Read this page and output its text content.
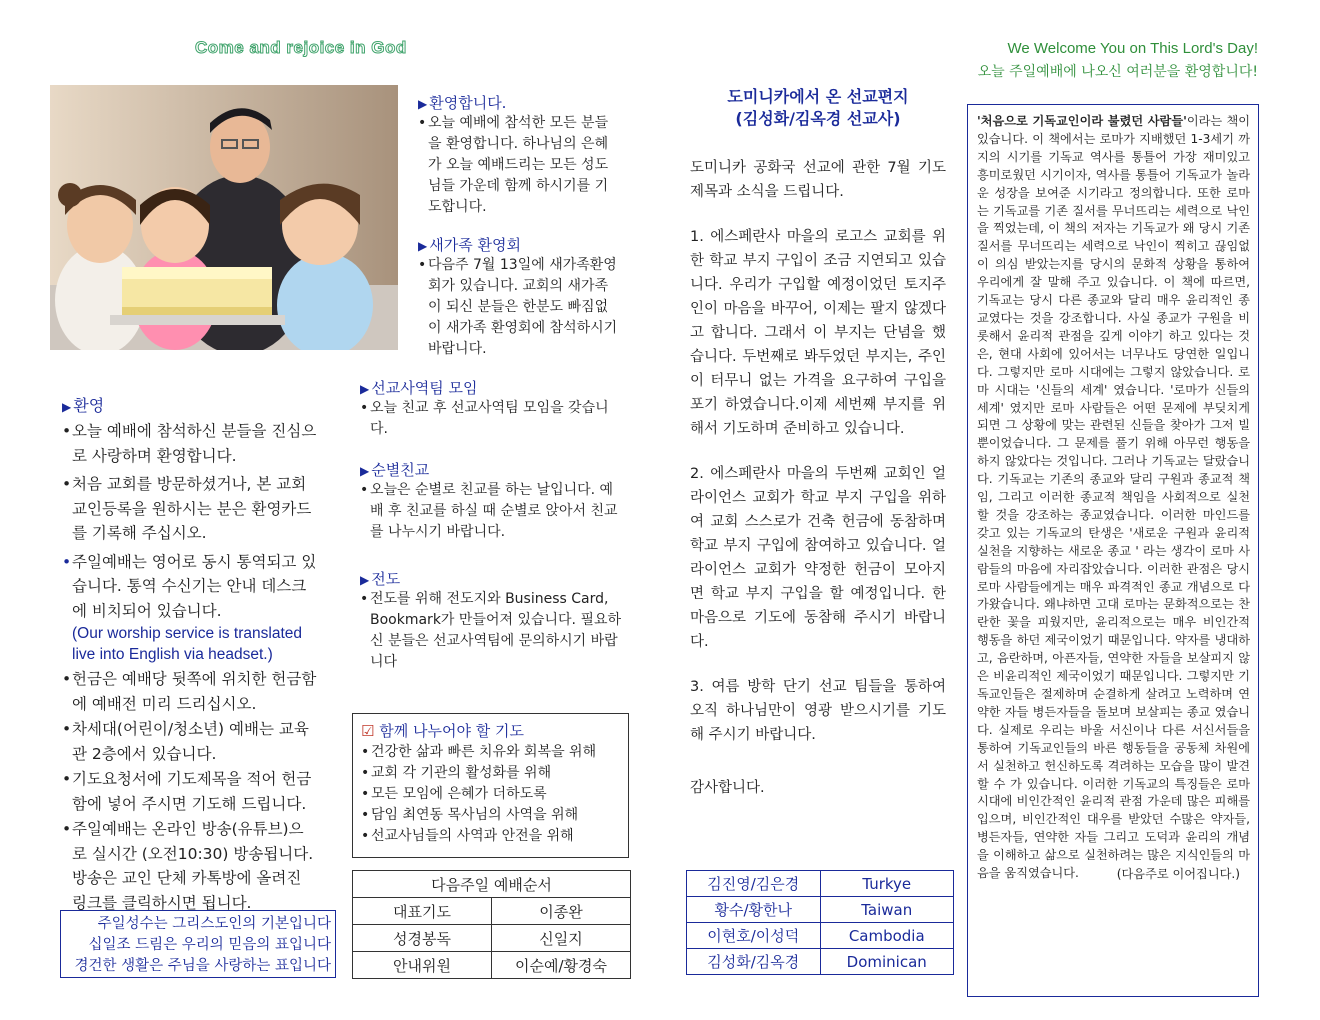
Come and rejoice in God	We Welcome You on This Lord's Day!
오늘 주일예배에 나오신 여러분을 환영합니다!
▶ 환영합니다.
• 오늘 예배에 참석한 모든 분들을 환영합니다. 하나님의 은혜가 오늘 예배드리는 모든 성도님들 가운데 함께 하시기를 기도합니다.
▶ 새가족 환영회
• 다음주 7월 13일에 새가족환영회가 있습니다. 교회의 새가족이 되신 분들은 한분도 빠짐없이 새가족 환영회에 참석하시기 바랍니다.
▶ 선교사역팀 모임
• 오늘 친교 후 선교사역팀 모임을 갖습니다.
▶ 순별친교
• 오늘은 순별로 친교를 하는 날입니다. 예배 후 친교를 하실 때 순별로 앉아서 친교를 나누시기 바랍니다.
▶ 전도
• 전도를 위해 전도지와 Business Card, Bookmark가 만들어져 있습니다. 필요하신 분들은 선교사역팀에 문의하시기 바랍니다
▶ 환영
• 오늘 예배에 참석하신 분들을 진심으로 사랑하며 환영합니다.
• 처음 교회를 방문하셨거나, 본 교회 교인등록을 원하시는 분은 환영카드를 기록해 주십시오.
• 주일예배는 영어로 동시 통역되고 있습니다. 통역 수신기는 안내 데스크에 비치되어 있습니다.
(Our worship service is translated live into English via headset.)
• 헌금은 예배당 뒷쪽에 위치한 헌금함에 예배전 미리 드리십시오.
• 차세대(어린이/청소년) 예배는 교육관 2층에서 있습니다.
• 기도요청서에 기도제목을 적어 헌금함에 넣어 주시면 기도해 드립니다.
• 주일예배는 온라인 방송(유튜브)으로 실시간 (오전10:30) 방송됩니다. 방송은 교인 단체 카톡방에 올려진 링크를 클릭하시면 됩니다.
주일성수는 그리스도인의 기본입니다
십일조 드림은 우리의 믿음의 표입니다
경건한 생활은 주님을 사랑하는 표입니다
☑ 함께 나누어야 할 기도
• 건강한 삶과 빠른 치유와 회복을 위해
• 교회 각 기관의 활성화를 위해
• 모든 모임에 은혜가 더하도록
• 담임 최연동 목사님의 사역을 위해
• 선교사님들의 사역과 안전을 위해
다음주일 예배순서	
대표기도	이종완
성경봉독	신일지
안내위원	이순예/황경숙
도미니카에서 온 선교편지
(김성화/김옥경 선교사)

도미니카 공화국 선교에 관한 7월 기도제목과 소식을 드립니다.

1. 에스페란사 마을의 로고스 교회를 위한 학교 부지 구입이 조금 지연되고 있습니다. 우리가 구입할 예정이었던 토지주인이 마음을 바꾸어, 이제는 팔지 않겠다고 합니다. 그래서 이 부지는 단념을 했습니다. 두번째로 봐두었던 부지는, 주인이 터무니 없는 가격을 요구하여 구입을 포기 하였습니다.이제 세번째 부지를 위해서 기도하며 준비하고 있습니다.

2. 에스페란사 마을의 두번째 교회인 얼라이언스 교회가 학교 부지 구입을 위하여 교회 스스로가 건축 헌금에 동참하며 학교 부지 구입에 참여하고 있습니다. 얼라이언스 교회가 약정한 헌금이 모아지면 학교 부지 구입을 할 예정입니다. 한마음으로 기도에 동참해 주시기 바랍니다.

3. 여름 방학 단기 선교 팀들을 통하여 오직 하나님만이 영광 받으시기를 기도해 주시기 바랍니다.

감사합니다.

김진영/김은경	Turkye
황수/황한나	Taiwan
이현호/이성덕	Cambodia
김성화/김옥경	Dominican
'처음으로 기독교인이라 불렸던 사람들'이라는 책이 있습니다. 이 책에서는 로마가 지배했던 1-3세기 까지의 시기를 기독교 역사를 통틀어 가장 재미있고 흥미로웠던 시기이자, 역사를 통틀어 기독교가 놀라운 성장을 보여준 시기라고 정의합니다. 또한 로마는 기독교를 기존 질서를 무너뜨리는 세력으로 낙인을 찍었는데, 이 책의 저자는 기독교가 왜 당시 기존질서를 무너뜨리는 세력으로 낙인이 찍히고 끊임없이 의심 받았는지를 당시의 문화적 상황을 통하여 우리에게 잘 말해 주고 있습니다. 이 책에 따르면, 기독교는 당시 다른 종교와 달리 매우 윤리적인 종교였다는 것을 강조합니다. 사실 종교가 구원을 비롯해서 윤리적 관점을 깊게 이야기 하고 있다는 것은, 현대 사회에 있어서는 너무나도 당연한 일입니다. 그렇지만 로마 시대에는 그렇지 않았습니다. 로마 시대는 '신들의 세계' 였습니다. '로마가 신들의 세계' 였지만 로마 사람들은 어떤 문제에 부딪치게 되면 그 상황에 맞는 관련된 신들을 찾아가 그저 빌뿐이었습니다. 그 문제를 풀기 위해 아무런 행동을 하지 않았다는 것입니다. 그러나 기독교는 달랐습니다. 기독교는 기존의 종교와 달리 구원과 종교적 책임, 그리고 이러한 종교적 책임을 사회적으로 실천할 것을 강조하는 종교였습니다. 이러한 마인드를 갖고 있는 기독교의 탄생은 '새로운 구원과 윤리적 실천을 지향하는 새로운 종교 ' 라는 생각이 로마 사람들의 마음에 자리잡았습니다. 이러한 관점은 당시 로마 사람들에게는 매우 파격적인 종교 개념으로 다가왔습니다. 왜냐하면 고대 로마는 문화적으로는 찬란한 꽃을 피웠지만, 윤리적으로는 매우 비인간적 행동을 하던 제국이었기 때문입니다. 약자를 냉대하고, 음란하며, 아픈자들, 연약한 자들을 보살피지 않은 비윤리적인 제국이었기 때문입니다. 그렇지만 기독교인들은 절제하며 순결하게 살려고 노력하며 연약한 자들 병든자들을 돌보며 보살피는 종교 였습니다. 실제로 우리는 바울 서신이나 다른 서신서들을 통하여 기독교인들의 바른 행동들을 공동체 차원에서 실천하고 헌신하도록 격려하는 모습을 많이 발견할 수 가 있습니다. 이러한 기독교의 특징들은 로마 시대에 비인간적인 윤리적 관점 가운데 많은 피해를 입으며, 비인간적인 대우를 받았던 수많은 약자들, 병든자들, 연약한 자들 그리고 도덕과 윤리의 개념을 이해하고 삶으로 실천하려는 많은 지식인들의 마음을 움직였습니다.	(다음주로 이어집니다.)
